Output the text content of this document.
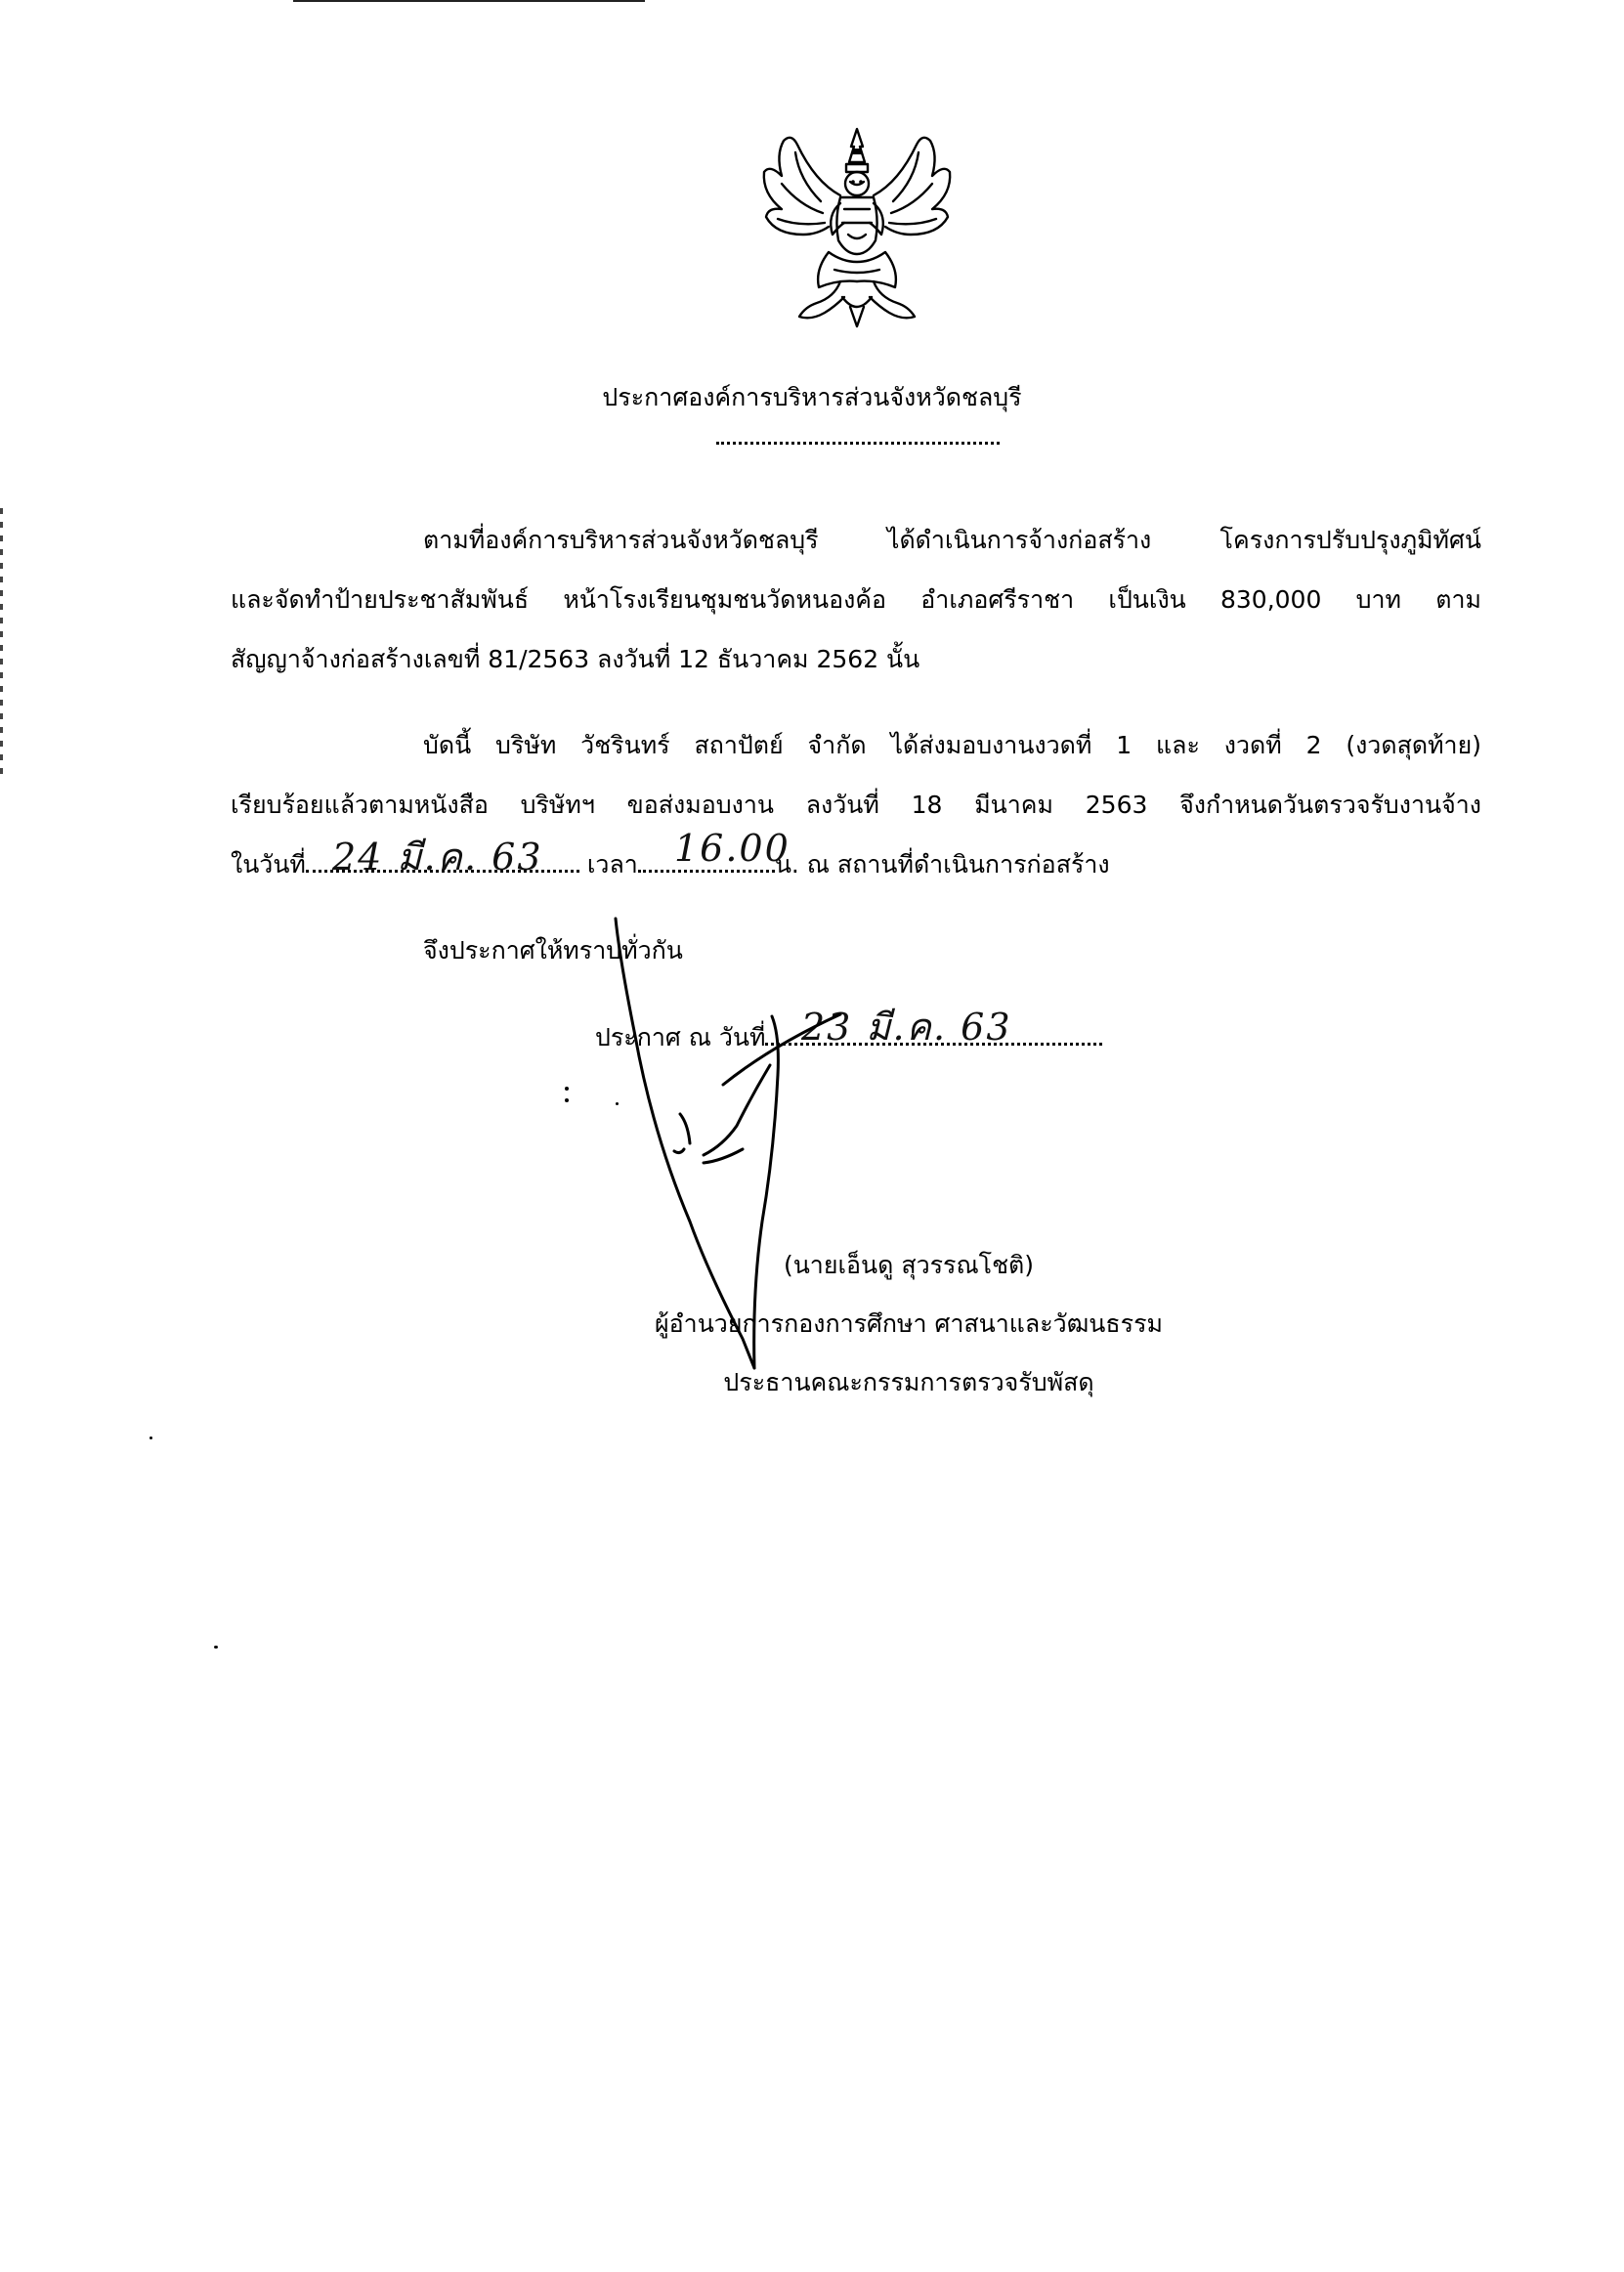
ประกาศองค์การบริหารส่วนจังหวัดชลบุรี
ตามที่องค์การบริหารส่วนจังหวัดชลบุรี ได้ดำเนินการจ้างก่อสร้าง โครงการปรับปรุงภูมิทัศน์
และจัดทำป้ายประชาสัมพันธ์ หน้าโรงเรียนชุมชนวัดหนองค้อ อำเภอศรีราชา เป็นเงิน 830,000 บาท ตาม
สัญญาจ้างก่อสร้างเลขที่ 81/2563 ลงวันที่ 12 ธันวาคม 2562 นั้น
บัดนี้ บริษัท วัชรินทร์ สถาปัตย์ จำกัด ได้ส่งมอบงานงวดที่ 1 และ งวดที่ 2 (งวดสุดท้าย)
เรียบร้อยแล้วตามหนังสือ บริษัทฯ ขอส่งมอบงาน ลงวันที่ 18 มีนาคม 2563 จึงกำหนดวันตรวจรับงานจ้าง
ในวันที่	เวลา	น. ณ สถานที่ดำเนินการก่อสร้าง
24 มี.ค. 63	16.00
จึงประกาศให้ทราบทั่วกัน
ประกาศ ณ วันที่ 23 มี.ค. 63
(นายเอ็นดู สุวรรณโชติ)
ผู้อำนวยการกองการศึกษา ศาสนาและวัฒนธรรม
ประธานคณะกรรมการตรวจรับพัสดุ
